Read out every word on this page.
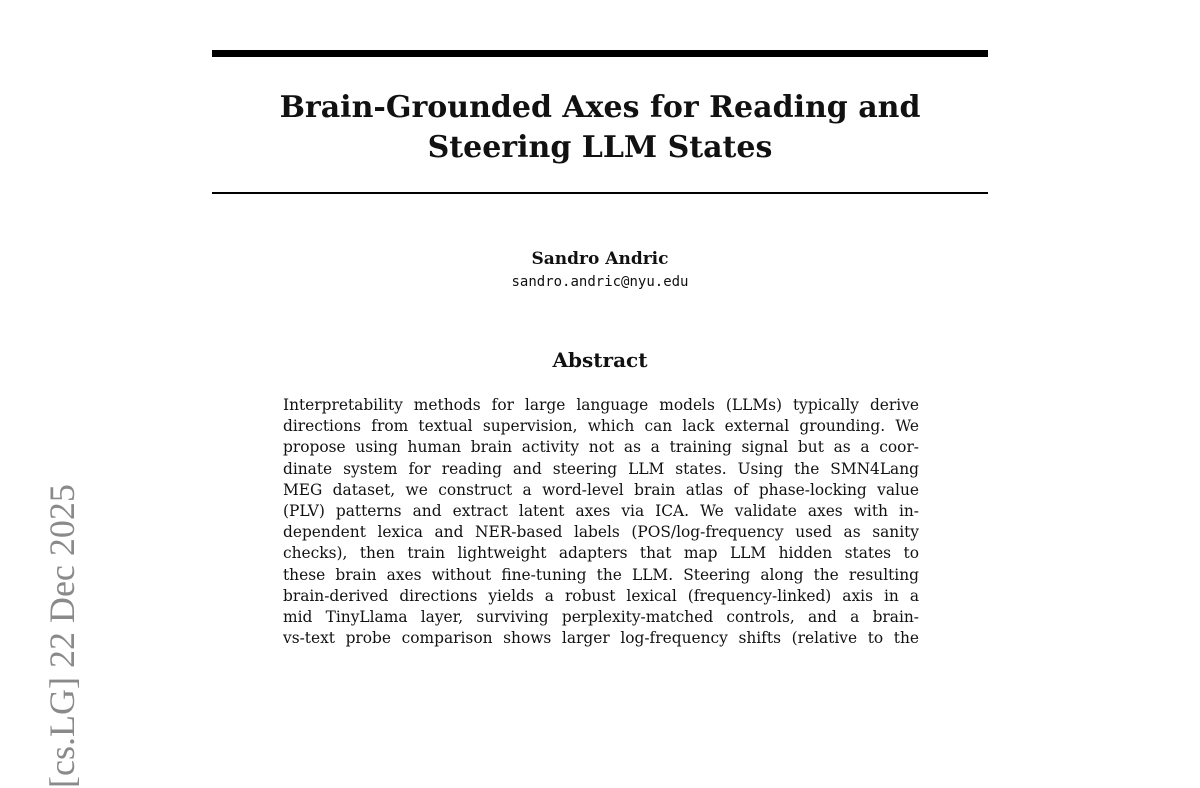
Brain-Grounded Axes for Reading and
Steering LLM States
Sandro Andric
sandro.andric@nyu.edu
Abstract
Interpretability methods for large language models (LLMs) typically derive
directions from textual supervision, which can lack external grounding. We
propose using human brain activity not as a training signal but as a coor-
dinate system for reading and steering LLM states. Using the SMN4Lang
MEG dataset, we construct a word-level brain atlas of phase-locking value
(PLV) patterns and extract latent axes via ICA. We validate axes with in-
dependent lexica and NER-based labels (POS/log-frequency used as sanity
checks), then train lightweight adapters that map LLM hidden states to
these brain axes without fine-tuning the LLM. Steering along the resulting
brain-derived directions yields a robust lexical (frequency-linked) axis in a
mid TinyLlama layer, surviving perplexity-matched controls, and a brain-
vs-text probe comparison shows larger log-frequency shifts (relative to the
[cs.LG] 22 Dec 2025
